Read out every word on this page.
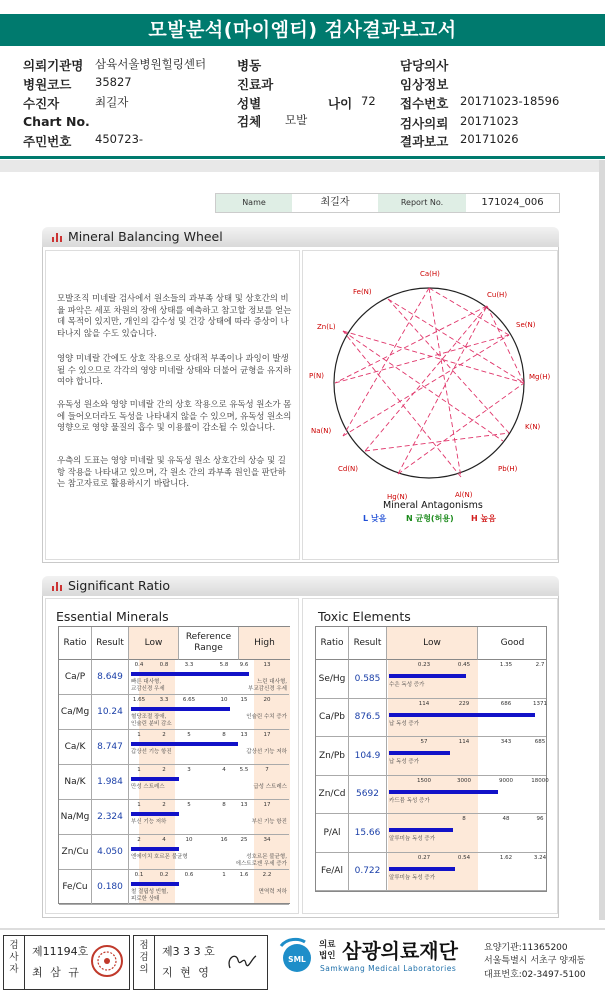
모발분석(마이엠티) 검사결과보고서
의뢰기관명 삼육서울병원힐링센터
병원코드 35827
수진자	최길자
Chart No.
주민번호 450723-
병동
진료과
성별	나이 72
검체 모발
담당의사
임상정보
접수번호 20171023-18596
검사의뢰 20171023
결과보고 20171026
Name	최길자	Report No.	171024_006
Mineral Balancing Wheel

모발조직 미네랄 검사에서 원소들의 과부족 상태 및 상호간의 비율 파악은 세포 차원의 장애 상태를 예측하고 참고할 정보를 얻는데 목적이 있지만, 개인의 감수성 및 건강 상태에 따라 증상이 나타나지 않을 수도 있습니다.

영양 미네랄 간에도 상호 작용으로 상대적 부족이나 과잉이 발생될 수 있으므로 각각의 영양 미네랄 상태와 더불어 균형을 유지하여야 합니다.

유독성 원소와 영양 미네랄 간의 상호 작용으로 유독성 원소가 몸에 들어오더라도 독성을 나타내지 않을 수 있으며, 유독성 원소의 영향으로 영양 물질의 흡수 및 이용률이 감소될 수 있습니다.

우측의 도표는 영양 미네랄 및 유독성 원소 상호간의 상승 및 길항 작용을 나타내고 있으며, 각 원소 간의 과부족 원인을 판단하는 참고자료로 활용하시기 바랍니다.

Ca(H)
Cu(H)
Se(N)
Mg(H)
K(N)
Pb(H)
Al(N)
Hg(N)
Cd(N)
Na(N)
P(N)
Zn(L)
Fe(N)
Mineral Antagonisms
L 낮음 N 균형(허용) H 높음
Significant Ratio
Essential Minerals
Ratio	Result	Low
Reference
Range	High
Ca/P	8.649
0.4	0.8	3.3	5.8	9.6	13
빠른 대사형,
교감신경 우세
느린 대사형,
부교감신경 우세
Ca/Mg 10.24
1.65	3.3	6.65	10	15	20
혈당조절 장애,
인슐린 분비 감소
인슐린 수치 증가
Ca/K	8.747
1	2	5	8	13	17
갑상선 기능 항진	갑상선 기능 저하
Na/K	1.984
1	2	3	4	5.5	7
만성 스트레스	급성 스트레스
Na/Mg 2.324
1	2	5	8	13	17
부신 기능 저하	부신 기능 항진
Zn/Cu 4.050
2	4	10	16	25	34
엔에이치 호르몬 불균형	성호르몬 불균형,
에스트로겐 우세 증가
Fe/Cu	0.180
0.1	0.2	0.6	1	1.6	2.2
철 결핍성 빈혈,
피로한 상태
면역력 저하
Toxic Elements
Ratio	Result	Low	Good
Se/Hg	0.585
0.23	0.45	1.35	2.7
수은 독성 증가
Ca/Pb	876.5
114	229	686	1371
납 독성 증가
Zn/Pb	104.9
57	114	343	685
납 독성 증가
Zn/Cd	5692
1500	3000	9000	18000
카드뮴 독성 증가
P/Al	15.66
8	48	96
알루미늄 독성 증가
Fe/Al	0.722
0.27	0.54	1.62	3.24
알루미늄 독성 증가
검사자
제11194호
최 삼 규
점검의
제3 3 3 호
지 현 영
SML
의료
법인 삼광의료재단
Samkwang Medical Laboratories
요양기관:11365200
서울특별시 서초구 양재동
대표번호:02-3497-5100
